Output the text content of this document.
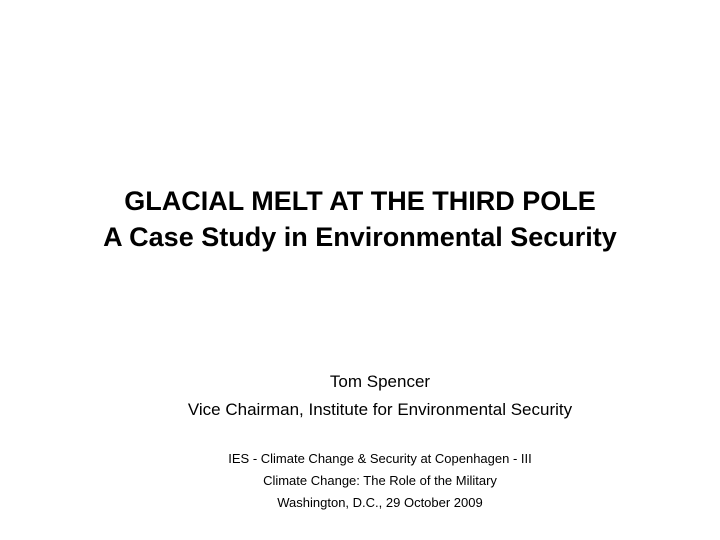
GLACIAL MELT AT THE THIRD POLE
A Case Study in Environmental Security
Tom Spencer
Vice Chairman, Institute for Environmental Security
IES - Climate Change & Security at Copenhagen - III
Climate Change: The Role of the Military
Washington, D.C., 29 October 2009
